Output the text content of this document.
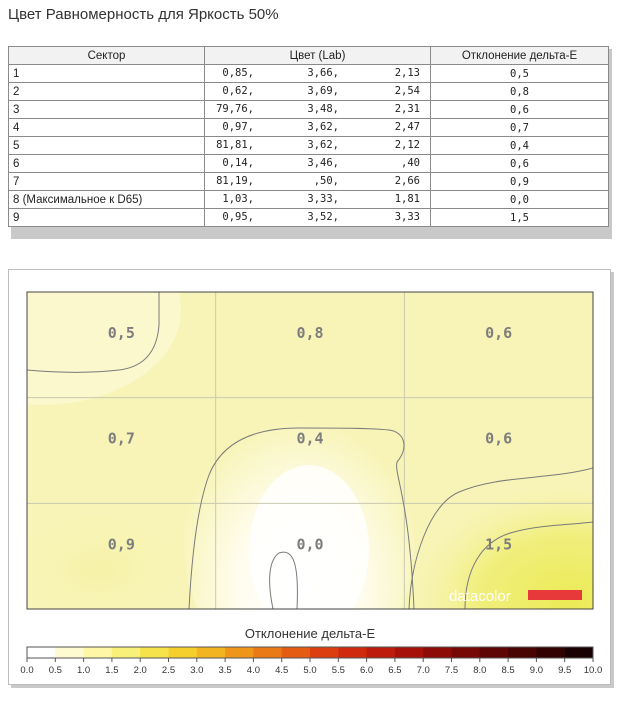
Цвет Равномерность для Яркость 50%
Сектор	Цвет (Lab)	Отклонение дельта-E
1	0,85, 3,66, 2,13	0,5
2	0,62, 3,69, 2,54	0,8
3	79,76, 3,48, 2,31	0,6
4	0,97, 3,62, 2,47	0,7
5	81,81, 3,62, 2,12	0,4
6	0,14, 3,46, ,40	0,6
7	81,19, ,50, 2,66	0,9
8 (Максимальное к D65)	1,03, 3,33, 1,81	0,0
9	0,95, 3,52, 3,33	1,5
0,5	0,8	0,6
0,7	0,4	0,6
0,9	0,0	1,5
datacolor
Отклонение дельта-E
0.0 0.5 1.0 1.5 2.0 2.5 3.0 3.5 4.0 4.5 5.0 5.5 6.0 6.5 7.0 7.5 8.0 8.5 9.0 9.5 10.0
